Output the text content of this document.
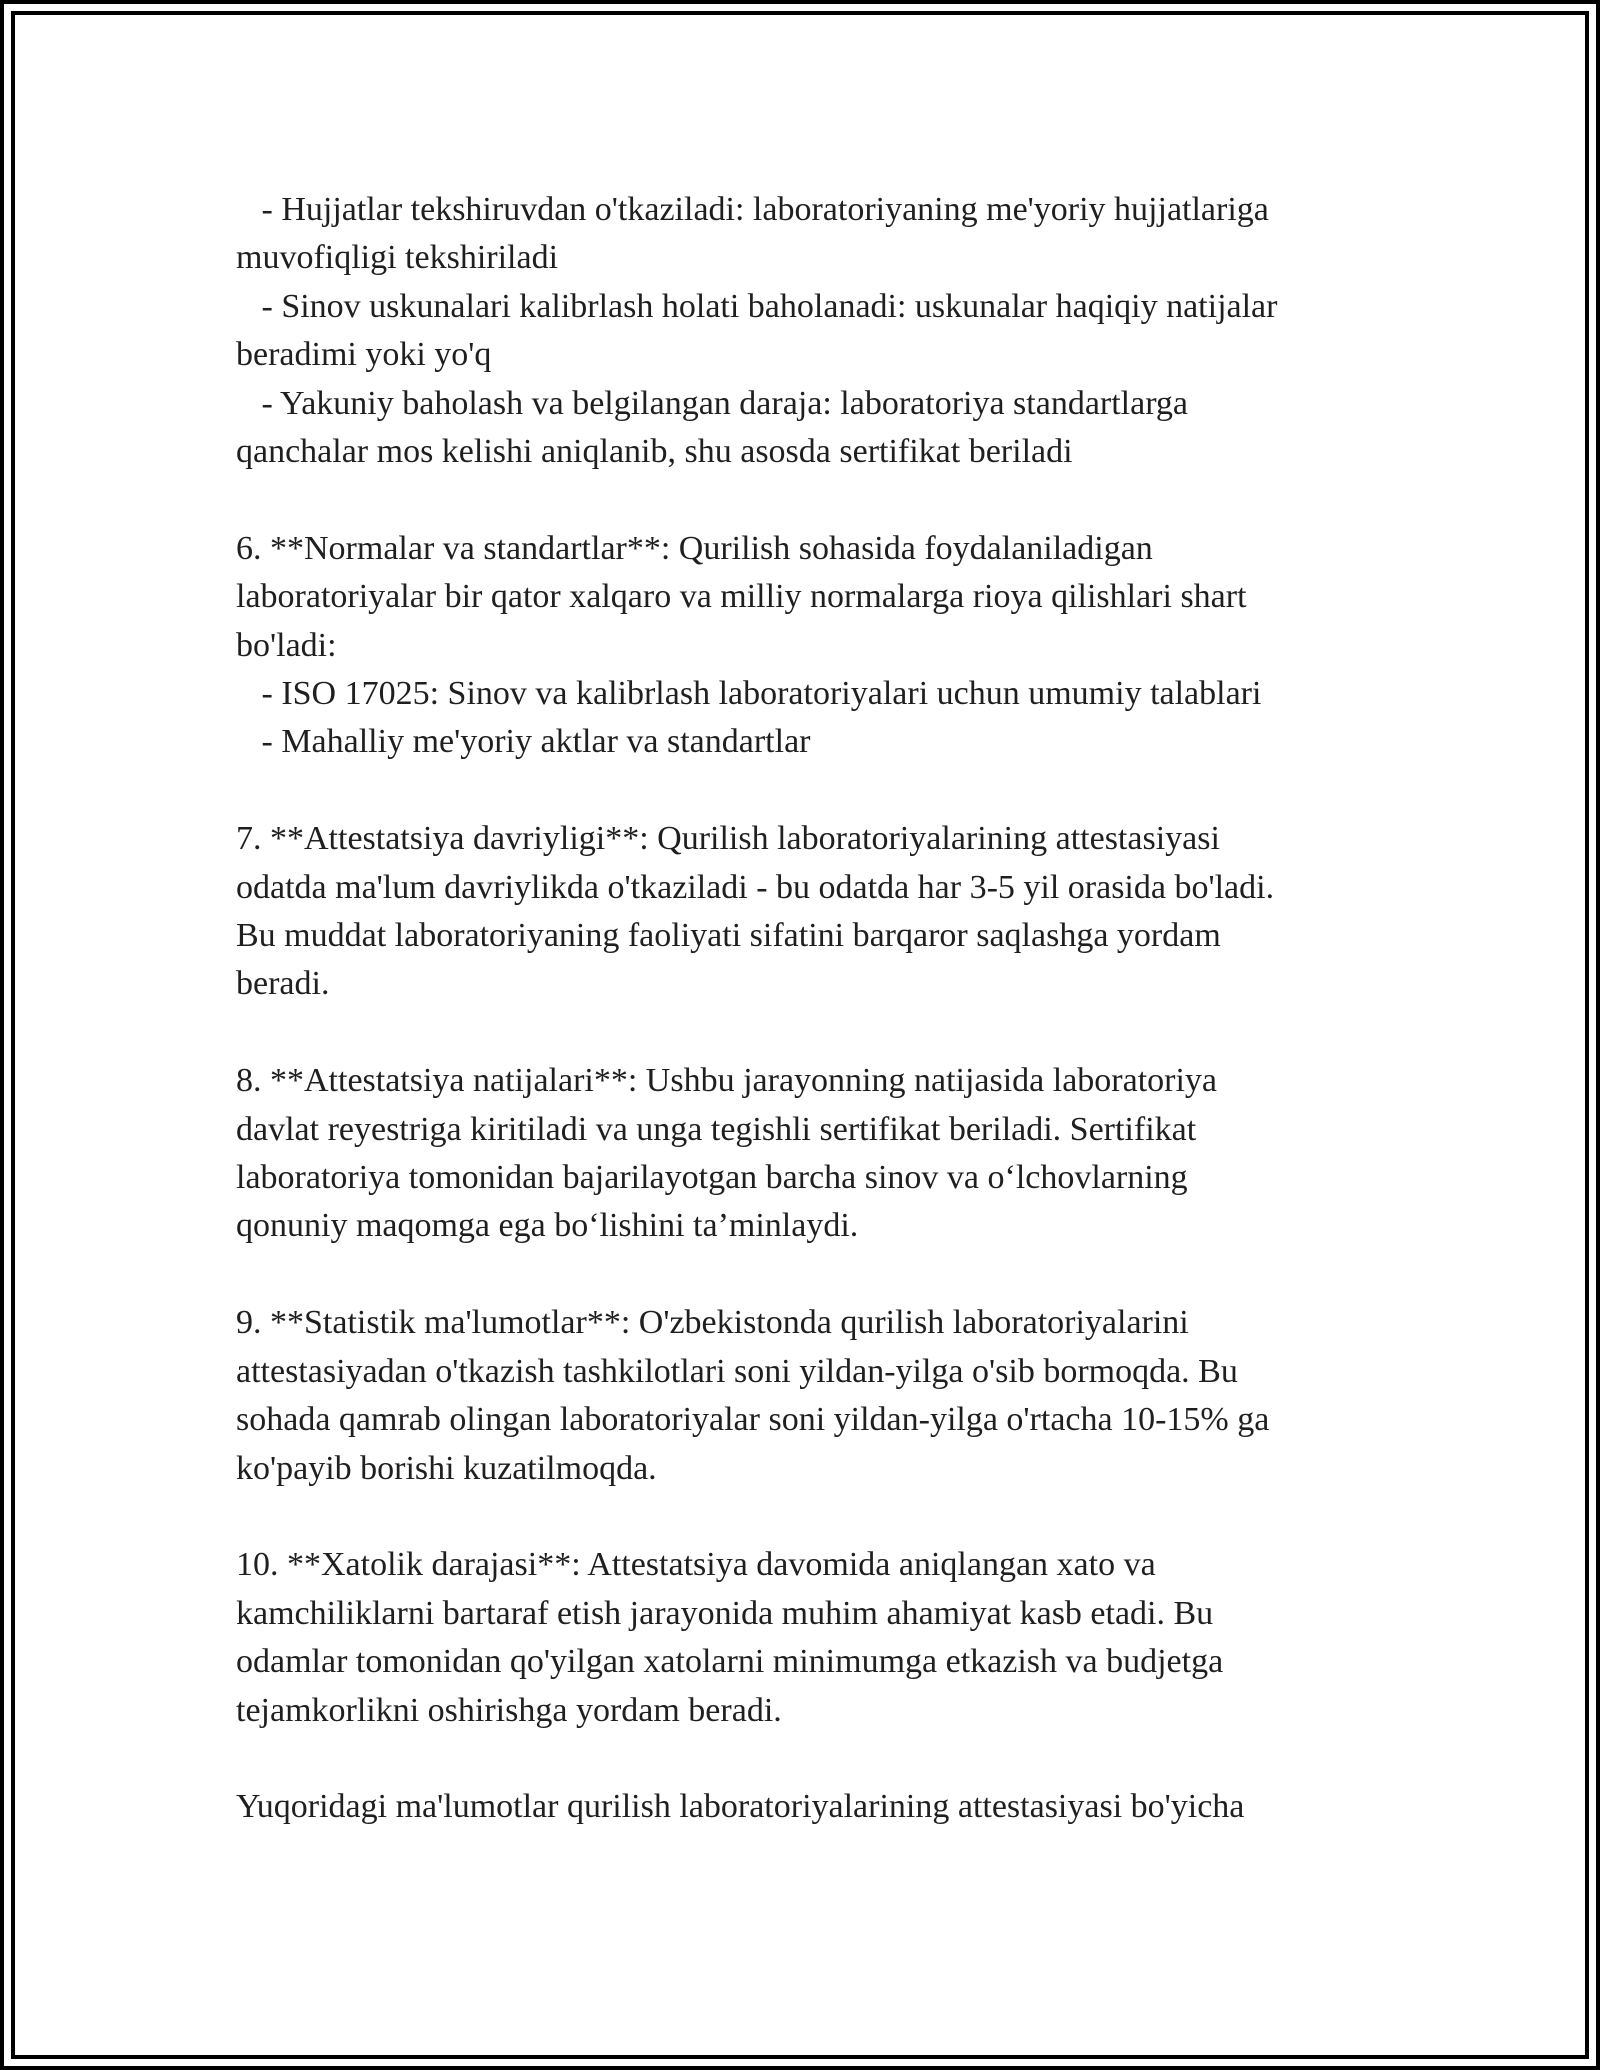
- Hujjatlar tekshiruvdan o'tkaziladi: laboratoriyaning me'yoriy hujjatlariga
muvofiqligi tekshiriladi
- Sinov uskunalari kalibrlash holati baholanadi: uskunalar haqiqiy natijalar
beradimi yoki yo'q
- Yakuniy baholash va belgilangan daraja: laboratoriya standartlarga
qanchalar mos kelishi aniqlanib, shu asosda sertifikat beriladi
6. **Normalar va standartlar**: Qurilish sohasida foydalaniladigan
laboratoriyalar bir qator xalqaro va milliy normalarga rioya qilishlari shart
bo'ladi:
- ISO 17025: Sinov va kalibrlash laboratoriyalari uchun umumiy talablari
- Mahalliy me'yoriy aktlar va standartlar
7. **Attestatsiya davriyligi**: Qurilish laboratoriyalarining attestasiyasi
odatda ma'lum davriylikda o'tkaziladi - bu odatda har 3-5 yil orasida bo'ladi.
Bu muddat laboratoriyaning faoliyati sifatini barqaror saqlashga yordam
beradi.
8. **Attestatsiya natijalari**: Ushbu jarayonning natijasida laboratoriya
davlat reyestriga kiritiladi va unga tegishli sertifikat beriladi. Sertifikat
laboratoriya tomonidan bajarilayotgan barcha sinov va o‘lchovlarning
qonuniy maqomga ega bo‘lishini ta’minlaydi.
9. **Statistik ma'lumotlar**: O'zbekistonda qurilish laboratoriyalarini
attestasiyadan o'tkazish tashkilotlari soni yildan-yilga o'sib bormoqda. Bu
sohada qamrab olingan laboratoriyalar soni yildan-yilga o'rtacha 10-15% ga
ko'payib borishi kuzatilmoqda.
10. **Xatolik darajasi**: Attestatsiya davomida aniqlangan xato va
kamchiliklarni bartaraf etish jarayonida muhim ahamiyat kasb etadi. Bu
odamlar tomonidan qo'yilgan xatolarni minimumga etkazish va budjetga
tejamkorlikni oshirishga yordam beradi.
Yuqoridagi ma'lumotlar qurilish laboratoriyalarining attestasiyasi bo'yicha
